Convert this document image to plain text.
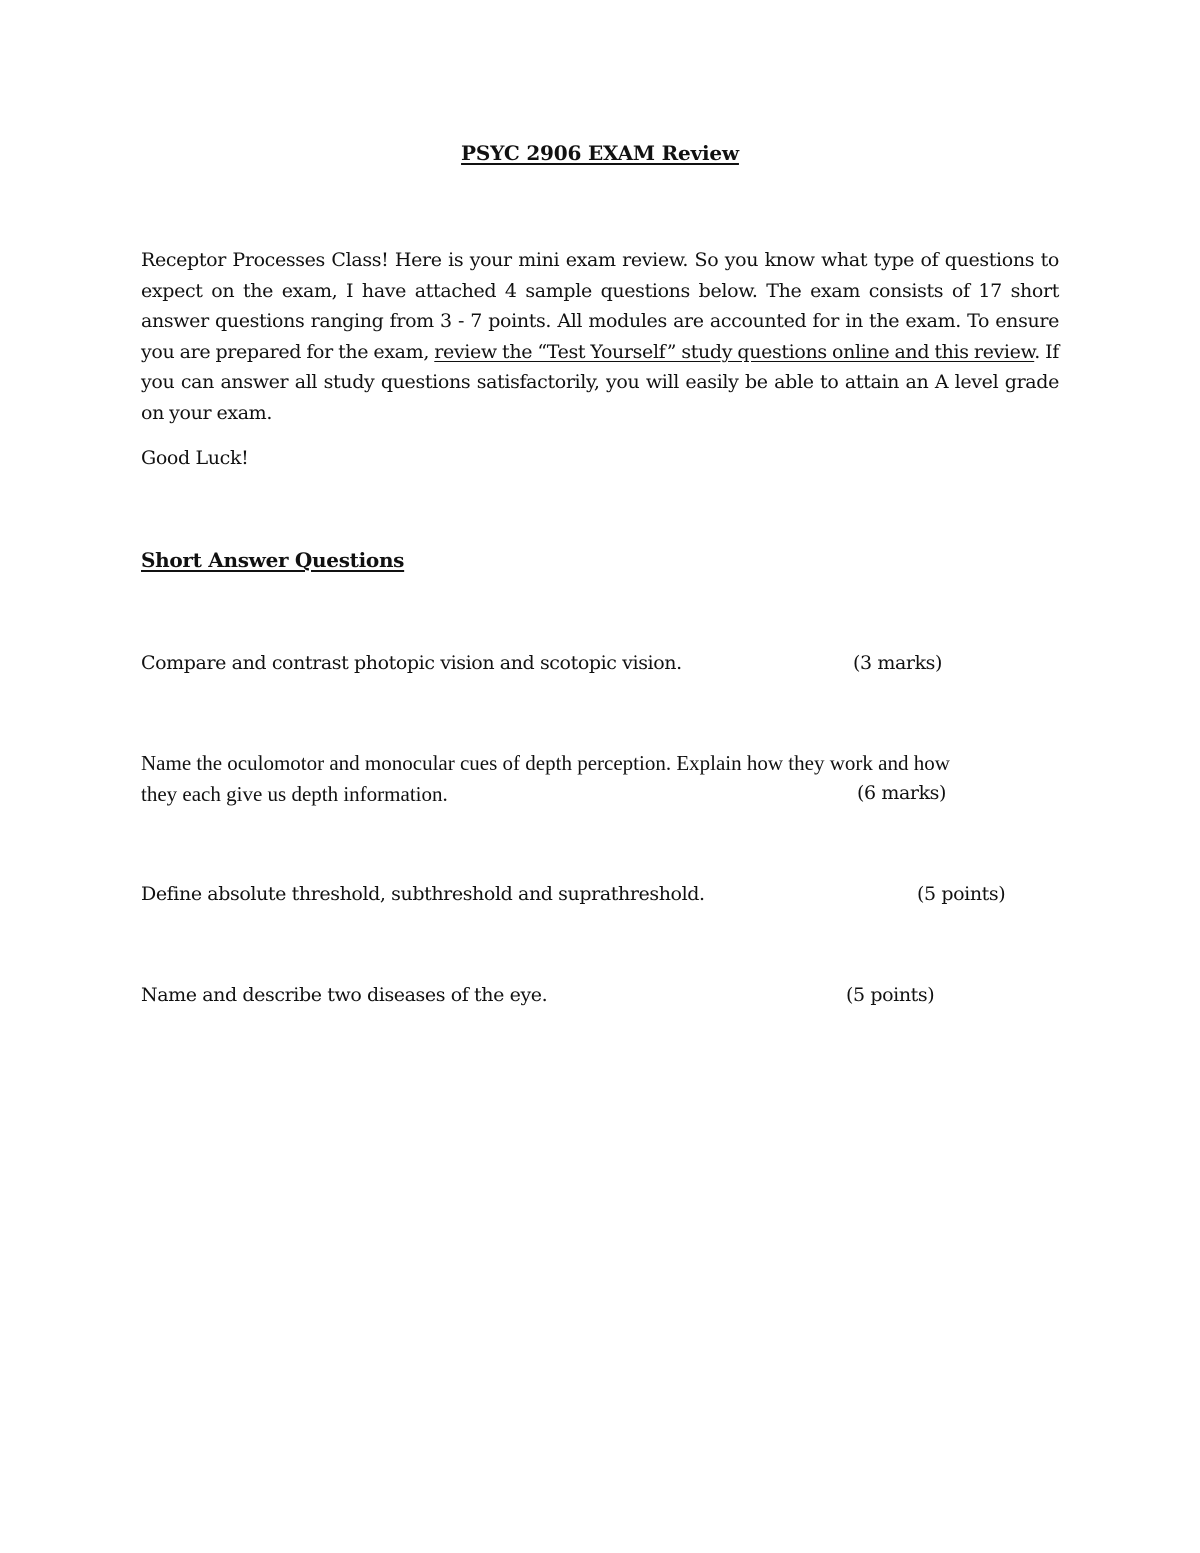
PSYC 2906 EXAM Review

Receptor Processes Class! Here is your mini exam review. So you know what type of questions to expect on the exam, I have attached 4 sample questions below. The exam consists of 17 short answer questions ranging from 3 - 7 points. All modules are accounted for in the exam. To ensure you are prepared for the exam, review the “Test Yourself” study questions online and this review. If you can answer all study questions satisfactorily, you will easily be able to attain an A level grade on your exam.

Good Luck!
Short Answer Questions
Compare and contrast photopic vision and scotopic vision.	(3 marks)
Name the oculomotor and monocular cues of depth perception. Explain how they work and how
they each give us depth information.	(6 marks)
Define absolute threshold, subthreshold and suprathreshold.	(5 points)
Name and describe two diseases of the eye.	(5 points)
